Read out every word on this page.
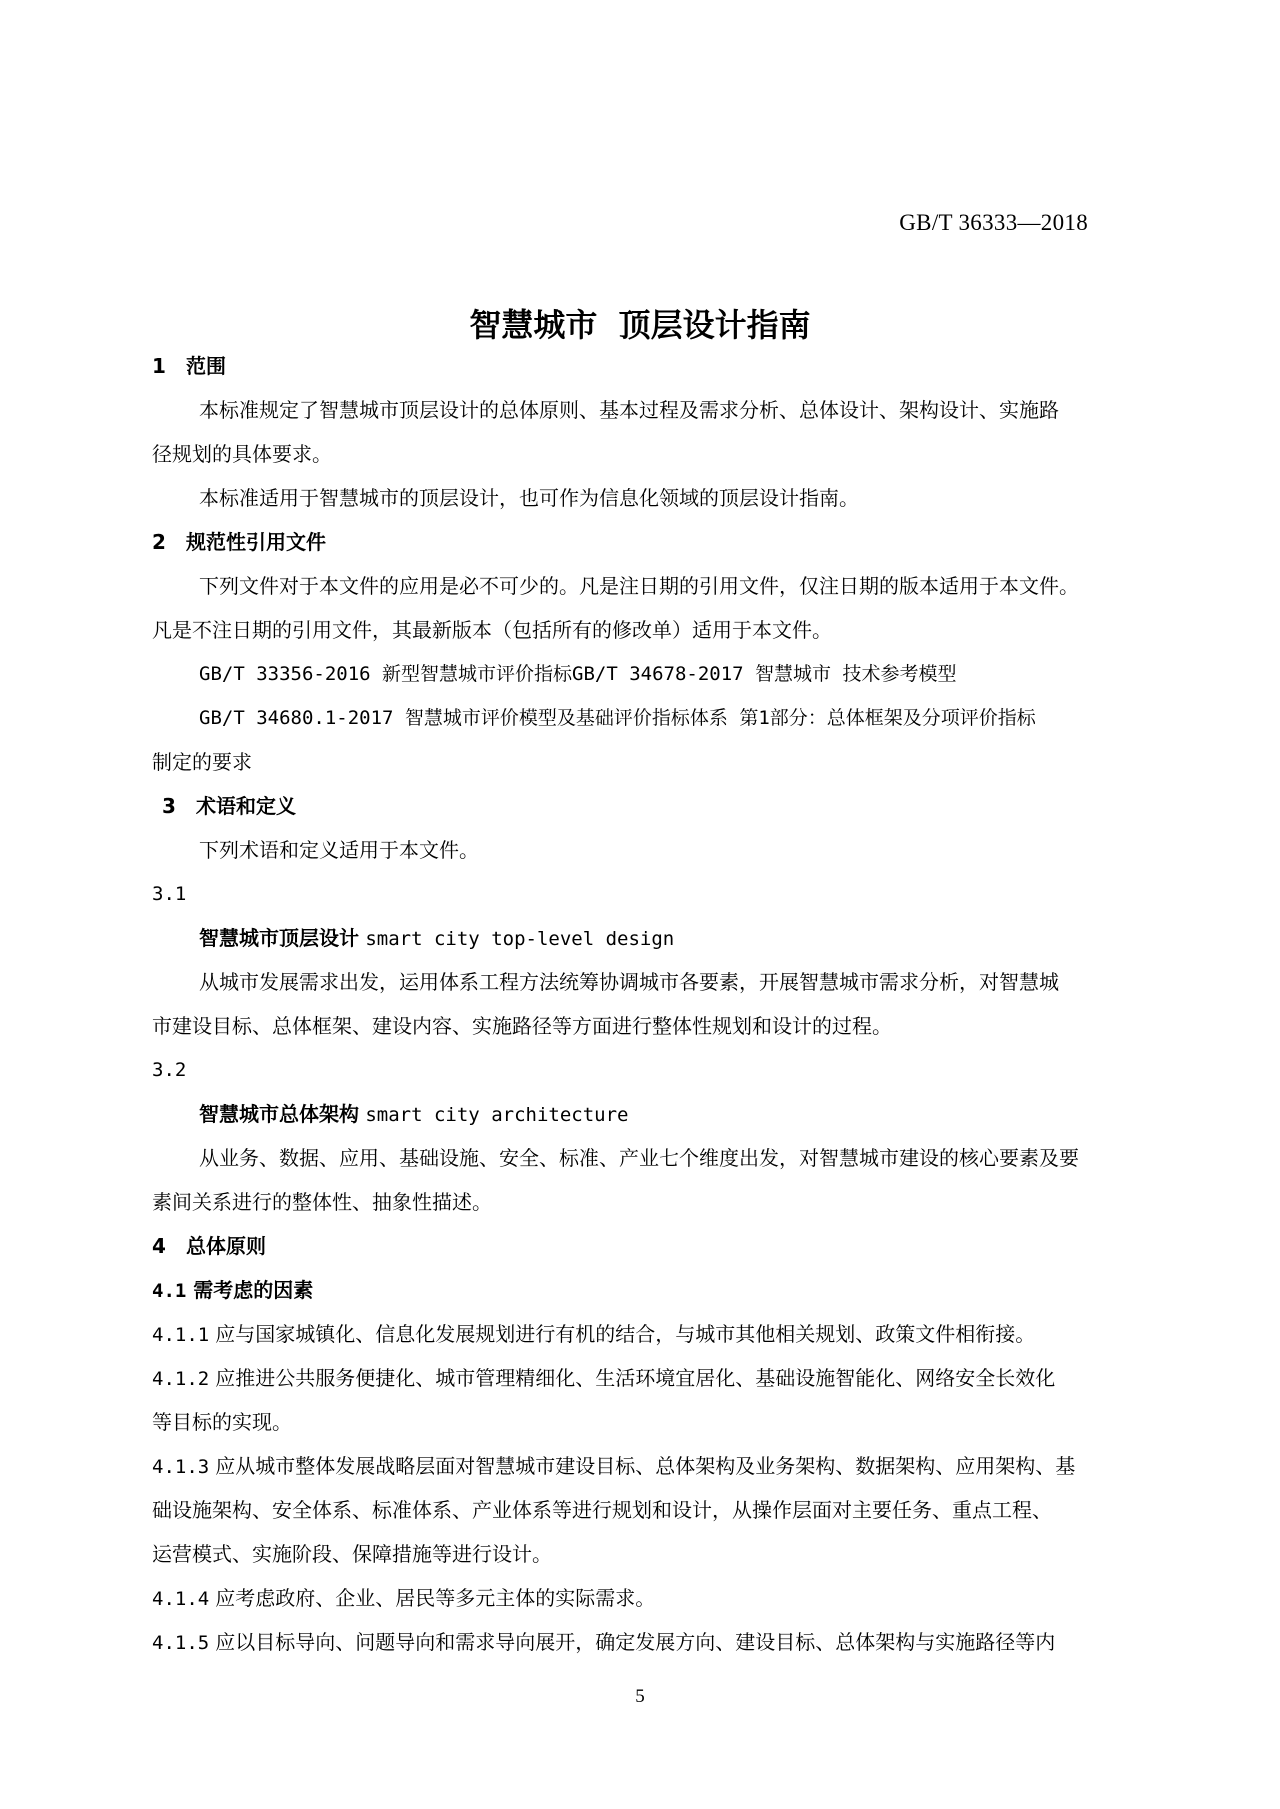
GB/T 36333—2018
智慧城市 顶层设计指南
1 范围
本标准规定了智慧城市顶层设计的总体原则、基本过程及需求分析、总体设计、架构设计、实施路
径规划的具体要求。
本标准适用于智慧城市的顶层设计，也可作为信息化领域的顶层设计指南。
2 规范性引用文件
下列文件对于本文件的应用是必不可少的。凡是注日期的引用文件，仅注日期的版本适用于本文件。
凡是不注日期的引用文件，其最新版本（包括所有的修改单）适用于本文件。
GB/T 33356-2016 新型智慧城市评价指标GB/T 34678-2017 智慧城市 技术参考模型
GB/T 34680.1-2017 智慧城市评价模型及基础评价指标体系 第1部分：总体框架及分项评价指标
制定的要求
3 术语和定义
下列术语和定义适用于本文件。
3.1
智慧城市顶层设计 smart city top-level design
从城市发展需求出发，运用体系工程方法统筹协调城市各要素，开展智慧城市需求分析，对智慧城
市建设目标、总体框架、建设内容、实施路径等方面进行整体性规划和设计的过程。
3.2
智慧城市总体架构 smart city architecture
从业务、数据、应用、基础设施、安全、标准、产业七个维度出发，对智慧城市建设的核心要素及要
素间关系进行的整体性、抽象性描述。
4 总体原则
4.1 需考虑的因素
4.1.1 应与国家城镇化、信息化发展规划进行有机的结合，与城市其他相关规划、政策文件相衔接。
4.1.2 应推进公共服务便捷化、城市管理精细化、生活环境宜居化、基础设施智能化、网络安全长效化
等目标的实现。
4.1.3 应从城市整体发展战略层面对智慧城市建设目标、总体架构及业务架构、数据架构、应用架构、基
础设施架构、安全体系、标准体系、产业体系等进行规划和设计，从操作层面对主要任务、重点工程、
运营模式、实施阶段、保障措施等进行设计。
4.1.4 应考虑政府、企业、居民等多元主体的实际需求。
4.1.5 应以目标导向、问题导向和需求导向展开，确定发展方向、建设目标、总体架构与实施路径等内
5
